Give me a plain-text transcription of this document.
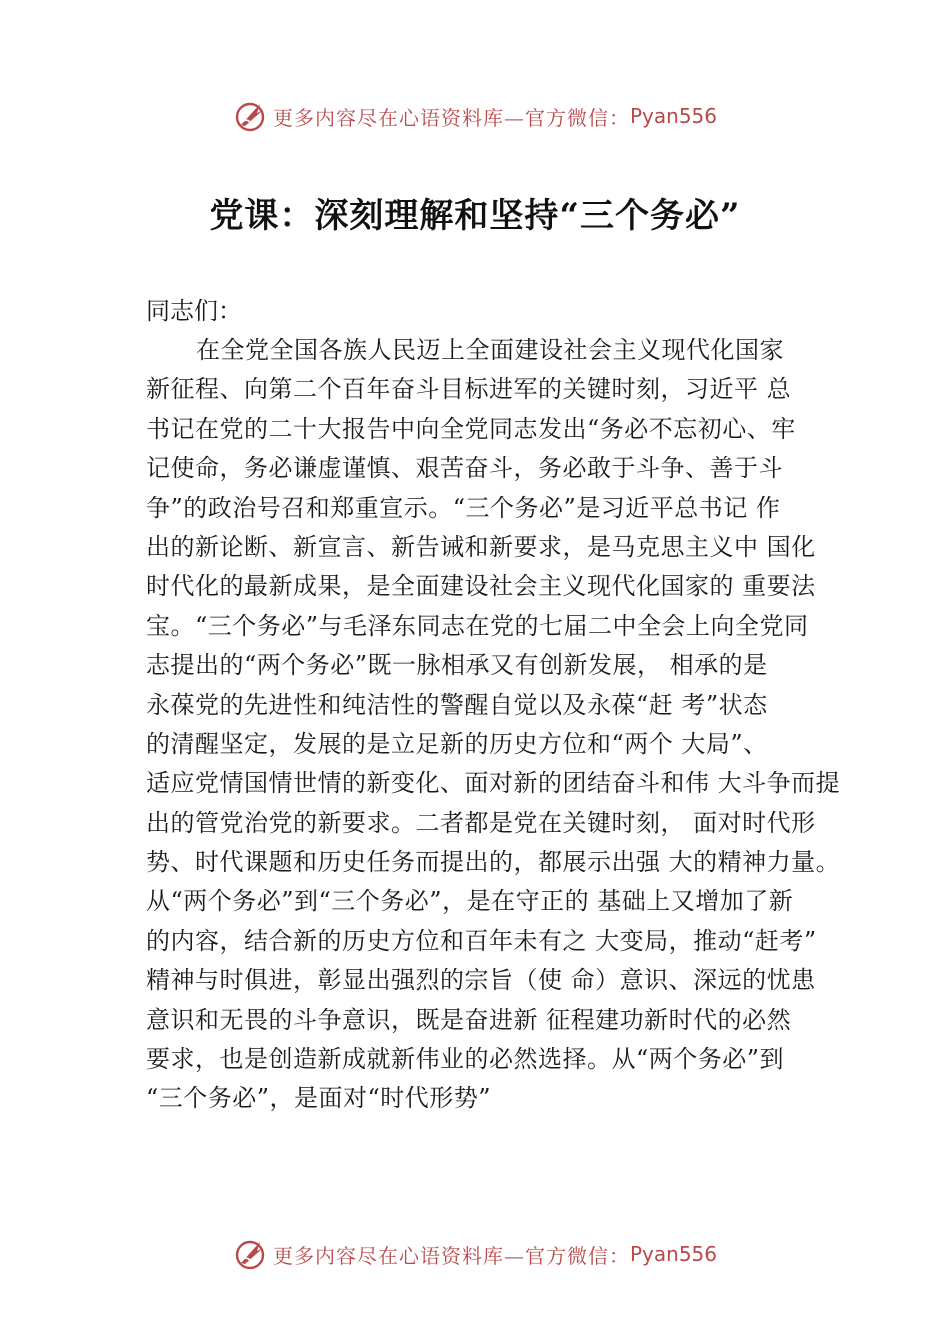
更多内容尽在心语资料库—官方微信： Pyan556
党课：深刻理解和坚持“三个务必”

同志们：

在全党全国各族人民迈上全面建设社会主义现代化国家
新征程、向第二个百年奋斗目标进军的关键时刻，习近平 总
书记在党的二十大报告中向全党同志发出“务必不忘初心、牢
记使命，务必谦虚谨慎、艰苦奋斗，务必敢于斗争、善于斗
争”的政治号召和郑重宣示。“三个务必”是习近平总书记 作
出的新论断、新宣言、新告诫和新要求，是马克思主义中 国化
时代化的最新成果，是全面建设社会主义现代化国家的 重要法
宝。“三个务必”与毛泽东同志在党的七届二中全会上向全党同
志提出的“两个务必”既一脉相承又有创新发展， 相承的是
永葆党的先进性和纯洁性的警醒自觉以及永葆“赶 考”状态
的清醒坚定，发展的是立足新的历史方位和“两个 大局”、
适应党情国情世情的新变化、面对新的团结奋斗和伟 大斗争而提
出的管党治党的新要求。二者都是党在关键时刻， 面对时代形
势、时代课题和历史任务而提出的，都展示出强 大的精神力量。
从“两个务必”到“三个务必”，是在守正的 基础上又增加了新
的内容，结合新的历史方位和百年未有之 大变局，推动“赶考”
精神与时俱进，彰显出强烈的宗旨（使 命）意识、深远的忧患
意识和无畏的斗争意识，既是奋进新 征程建功新时代的必然
要求，也是创造新成就新伟业的必然选择。从“两个务必”到
“三个务必”，是面对“时代形势”
更多内容尽在心语资料库—官方微信： Pyan556
